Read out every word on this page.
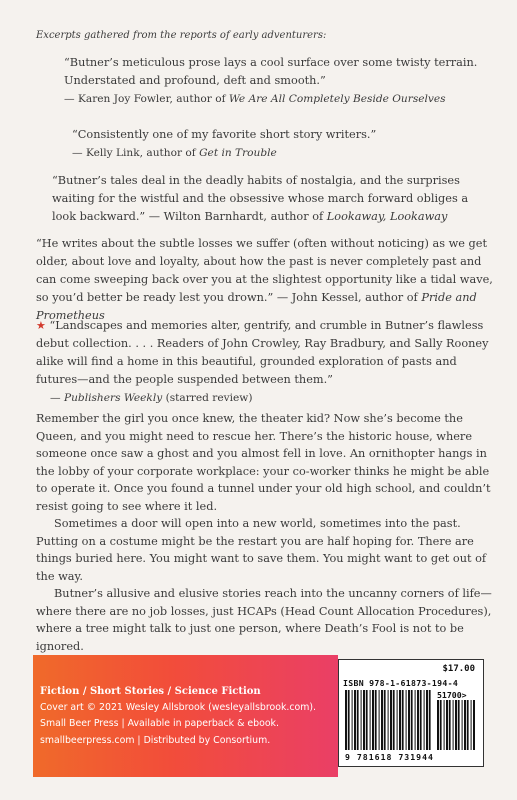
Excerpts gathered from the reports of early adventurers:
“Butner’s meticulous prose lays a cool surface over some twisty terrain. Understated and profound, deft and smooth.”
— Karen Joy Fowler, author of We Are All Completely Beside Ourselves
“Consistently one of my favorite short story writers.”
— Kelly Link, author of Get in Trouble
“Butner’s tales deal in the deadly habits of nostalgia, and the surprises waiting for the wistful and the obsessive whose march forward obliges a look backward.” — Wilton Barnhardt, author of Lookaway, Lookaway
“He writes about the subtle losses we suffer (often without noticing) as we get older, about love and loyalty, about how the past is never completely past and can come sweeping back over you at the slightest opportunity like a tidal wave, so you’d better be ready lest you drown.” — John Kessel, author of Pride and Prometheus
★ “Landscapes and memories alter, gentrify, and crumble in Butner’s flawless debut collection. . . . Readers of John Crowley, Ray Bradbury, and Sally Rooney alike will find a home in this beautiful, grounded exploration of pasts and futures—and the people suspended between them.”
— Publishers Weekly (starred review)

Remember the girl you once knew, the theater kid? Now she’s become the Queen, and you might need to rescue her. There’s the historic house, where someone once saw a ghost and you almost fell in love. An ornithopter hangs in the lobby of your corporate workplace: your co-worker thinks he might be able to operate it. Once you found a tunnel under your old high school, and couldn’t resist going to see where it led.

Sometimes a door will open into a new world, sometimes into the past. Putting on a costume might be the restart you are half hoping for. There are things buried here. You might want to save them. You might want to get out of the way.

Butner’s allusive and elusive stories reach into the uncanny corners of life—where there are no job losses, just HCAPs (Head Count Allocation Procedures), where a tree might talk to just one person, where Death’s Fool is not to be ignored.

Fiction / Short Stories / Science Fiction
Cover art © 2021 Wesley Allsbrook (wesleyallsbrook.com).
Small Beer Press | Available in paperback & ebook.
smallbeerpress.com | Distributed by Consortium.
$17.00
ISBN 978-1-61873-194-4
51700>
9 781618 731944
